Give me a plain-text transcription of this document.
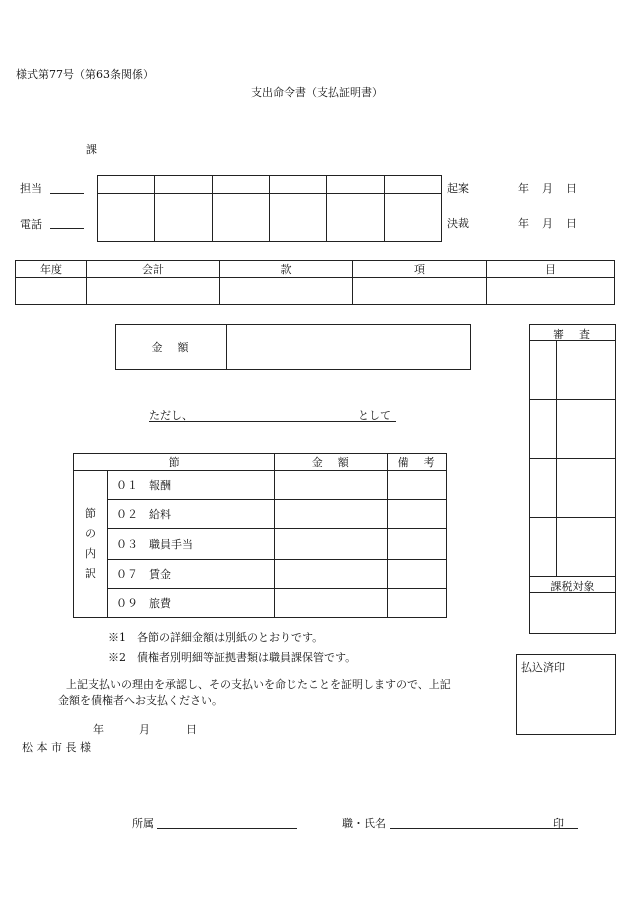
様式第77号（第63条関係）
支出命令書（支払証明書）
課
担当
電話

起案	年 月 日
決裁	年 月 日
年度	会計	款	項	目

金　額	
審　査
課税対象
ただし、	として
節		金　額	備　考

節
の
内
訳	０１　報酬		
	０２　給料		
	０３　職員手当		
	０７　賃金		
	０９　旅費		
※1　各節の詳細金額は別紙のとおりです。
※2　債権者別明細等証拠書類は職員課保管です。
払込済印
上記支払いの理由を承認し、その支払いを命じたことを証明しますので、上記
金額を債権者へお支払ください。
年	月	日
松 本 市 長 様
所属	職・氏名	印
